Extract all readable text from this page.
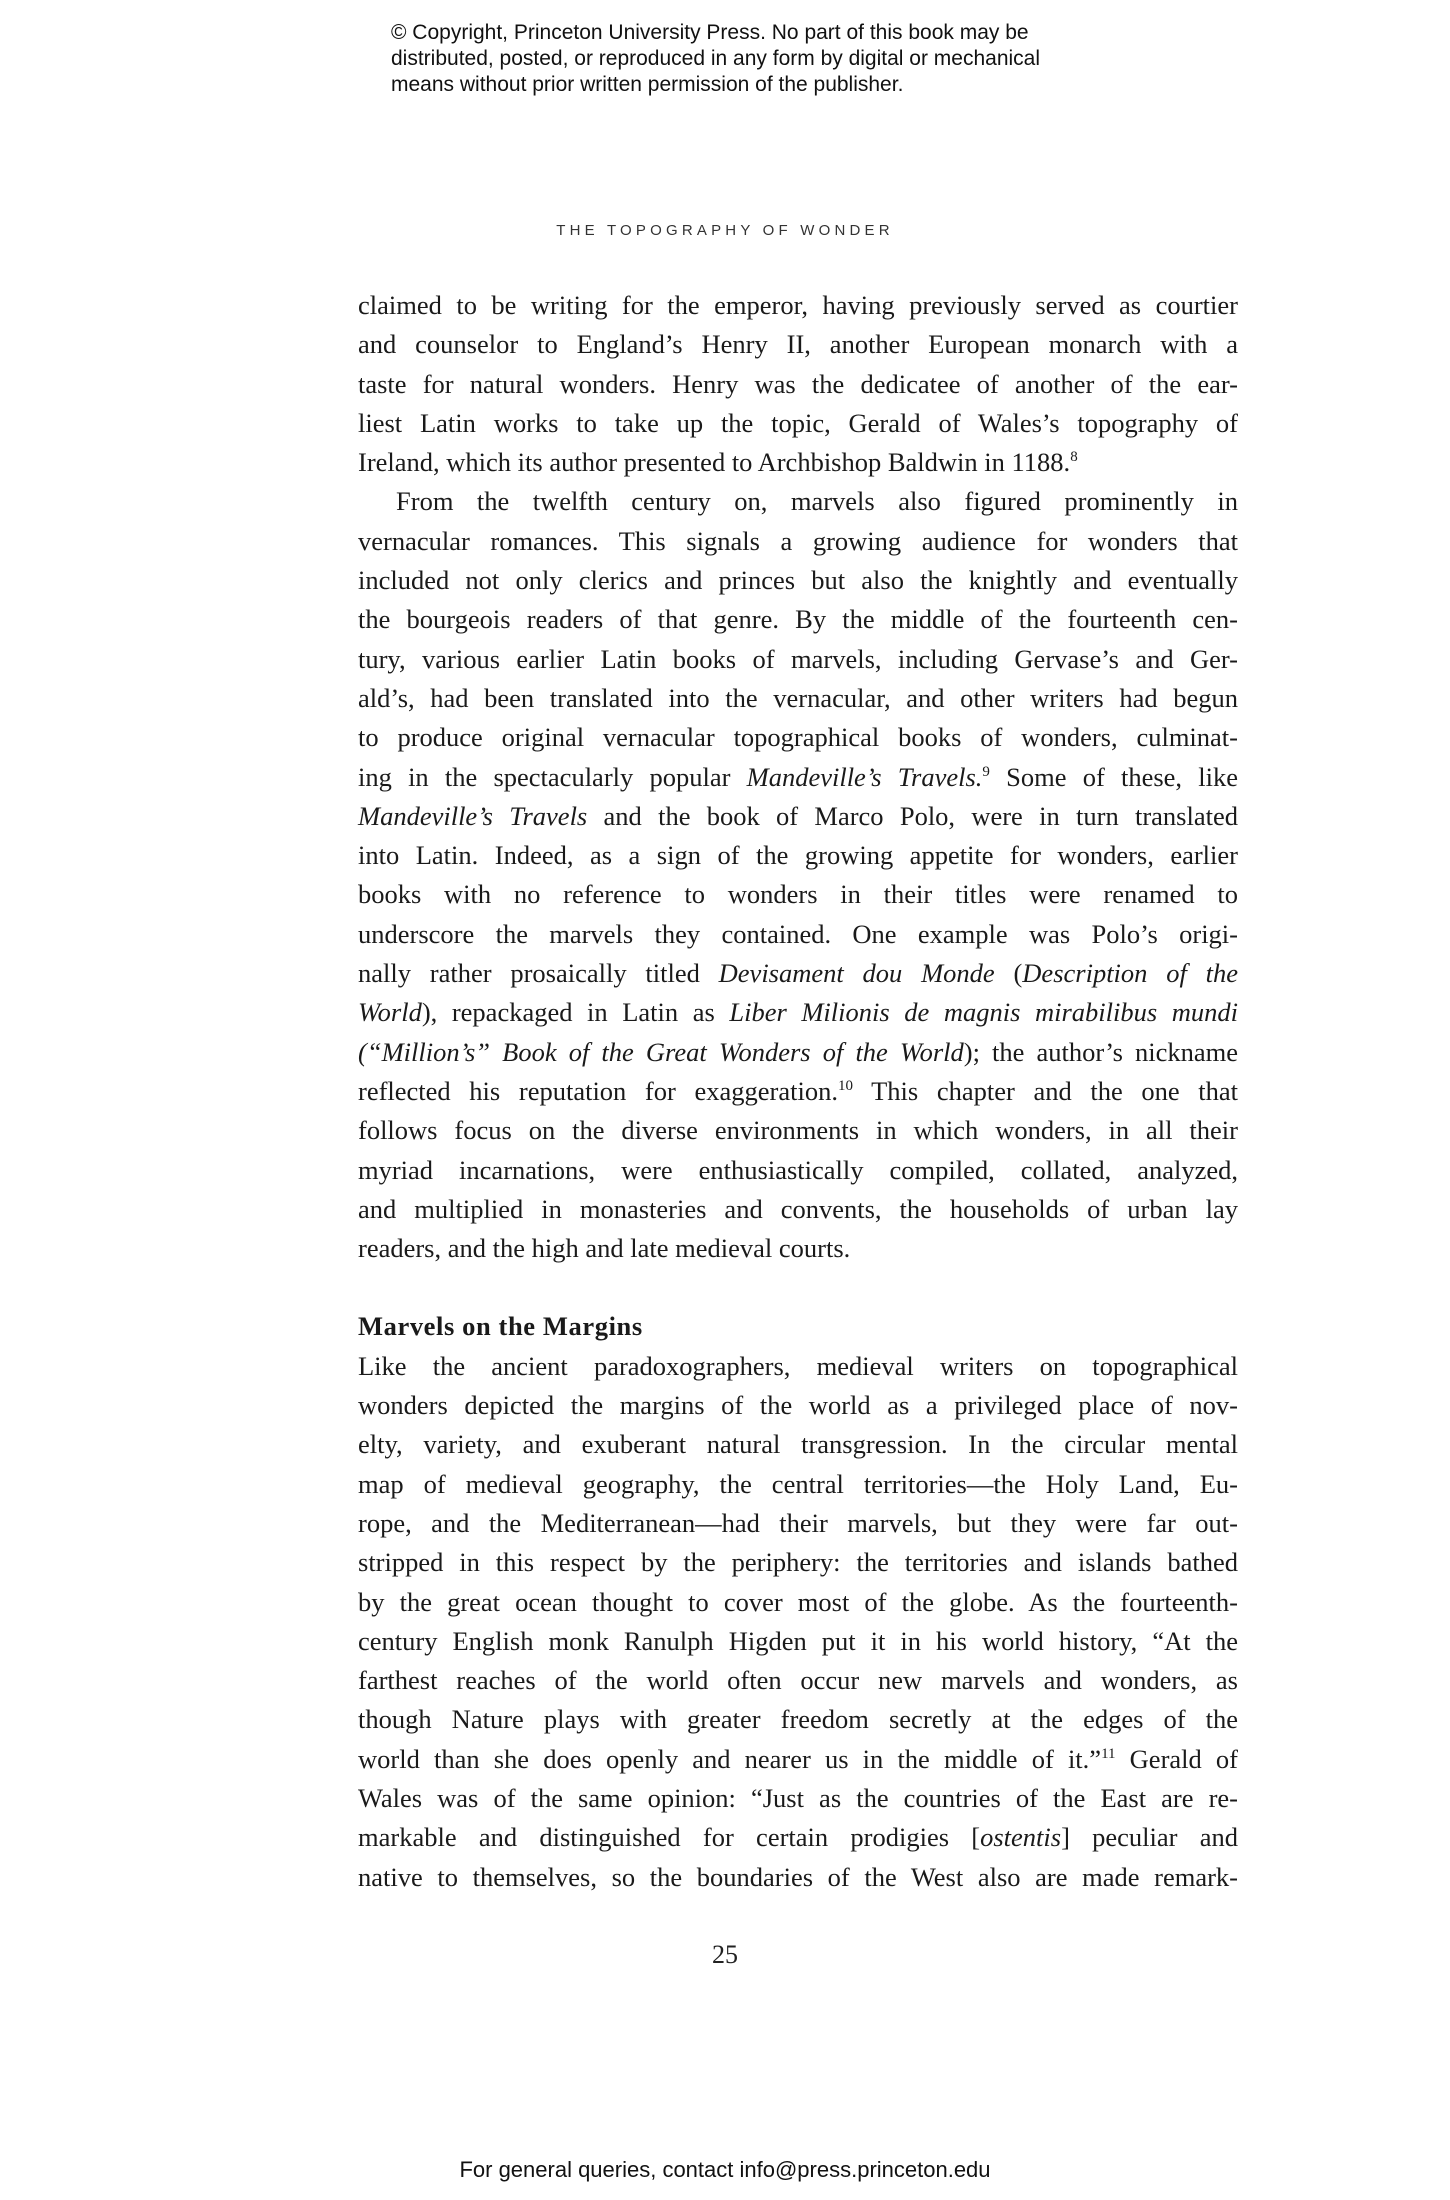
© Copyright, Princeton University Press. No part of this book may be
distributed, posted, or reproduced in any form by digital or mechanical
means without prior written permission of the publisher.
THE TOPOGRAPHY OF WONDER

claimed to be writing for the emperor, having previously served as courtier
and counselor to England’s Henry II, another European monarch with a
taste for natural wonders. Henry was the dedicatee of another of the ear-
liest Latin works to take up the topic, Gerald of Wales’s topography of
Ireland, which its author presented to Archbishop Baldwin in 1188.$^8$

From the twelfth century on, marvels also figured prominently in
vernacular romances. This signals a growing audience for wonders that
included not only clerics and princes but also the knightly and eventually
the bourgeois readers of that genre. By the middle of the fourteenth cen-
tury, various earlier Latin books of marvels, including Gervase’s and Ger-
ald’s, had been translated into the vernacular, and other writers had begun
to produce original vernacular topographical books of wonders, culminat-
ing in the spectacularly popular Mandeville’s Travels.$^9$ Some of these, like
Mandeville’s Travels and the book of Marco Polo, were in turn translated
into Latin. Indeed, as a sign of the growing appetite for wonders, earlier
books with no reference to wonders in their titles were renamed to
underscore the marvels they contained. One example was Polo’s origi-
nally rather prosaically titled Devisament dou Monde (Description of the
World), repackaged in Latin as Liber Milionis de magnis mirabilibus mundi
(“Million’s” Book of the Great Wonders of the World); the author’s nickname
reflected his reputation for exaggeration.$^{10}$ This chapter and the one that
follows focus on the diverse environments in which wonders, in all their
myriad incarnations, were enthusiastically compiled, collated, analyzed,
and multiplied in monasteries and convents, the households of urban lay
readers, and the high and late medieval courts.

Marvels on the Margins

Like the ancient paradoxographers, medieval writers on topographical
wonders depicted the margins of the world as a privileged place of nov-
elty, variety, and exuberant natural transgression. In the circular mental
map of medieval geography, the central territories—the Holy Land, Eu-
rope, and the Mediterranean—had their marvels, but they were far out-
stripped in this respect by the periphery: the territories and islands bathed
by the great ocean thought to cover most of the globe. As the fourteenth-
century English monk Ranulph Higden put it in his world history, “At the
farthest reaches of the world often occur new marvels and wonders, as
though Nature plays with greater freedom secretly at the edges of the
world than she does openly and nearer us in the middle of it.”$^{11}$ Gerald of
Wales was of the same opinion: “Just as the countries of the East are re-
markable and distinguished for certain prodigies [ostentis] peculiar and
native to themselves, so the boundaries of the West also are made remark-

25
For general queries, contact info@press.princeton.edu
